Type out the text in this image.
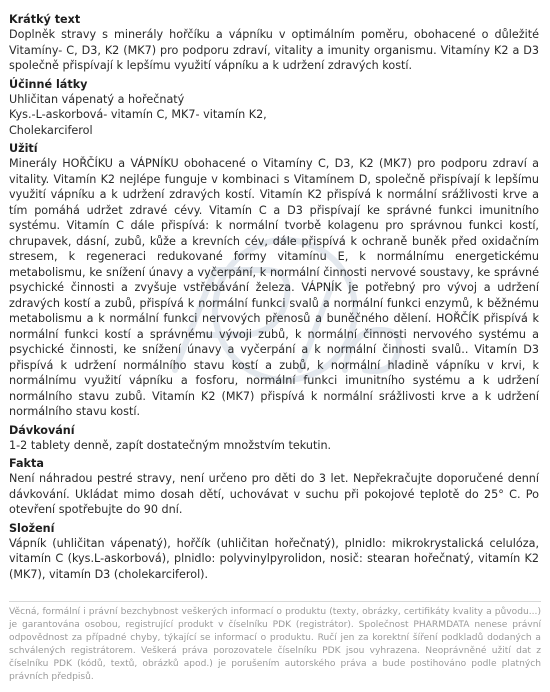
Krátký text

Doplněk stravy s minerály hořčíku a vápníku v optimálním poměru, obohacené o důležité Vitamíny- C, D3, K2 (MK7) pro podporu zdraví, vitality a imunity organismu. Vitamíny K2 a D3 společně přispívají k lepšímu využití vápníku a k udržení zdravých kostí.

Účinné látky

Uhličitan vápenatý a hořečnatý

Kys.-L-askorbová- vitamín C, MK7- vitamín K2,

Cholekarciferol

Užití

Minerály HOŘČÍKU a VÁPNÍKU obohacené o Vitamíny C, D3, K2 (MK7) pro podporu zdraví a vitality. Vitamín K2 nejlépe funguje v kombinaci s Vitamínem D, společně přispívají k lepšímu využití vápníku a k udržení zdravých kostí. Vitamín K2 přispívá k normální srážlivosti krve a tím pomáhá udržet zdravé cévy. Vitamín C a D3 přispívají ke správné funkci imunitního systému. Vitamín C dále přispívá: k normální tvorbě kolagenu pro správnou funkci kostí, chrupavek, dásní, zubů, kůže a krevních cév, dále přispívá k ochraně buněk před oxidačním stresem, k regeneraci redukované formy vitamínu E, k normálnímu energetickému metabolismu, ke snížení únavy a vyčerpání, k normální činnosti nervové soustavy, ke správné psychické činnosti a zvyšuje vstřebávání železa. VÁPNÍK je potřebný pro vývoj a udržení zdravých kostí a zubů, přispívá k normální funkci svalů a normální funkci enzymů, k běžnému metabolismu a k normální funkci nervových přenosů a buněčného dělení. HOŘČÍK přispívá k normální funkci kostí a správnému vývoji zubů, k normální činnosti nervového systému a psychické činnosti, ke snížení únavy a vyčerpání a k normální činnosti svalů.. Vitamín D3 přispívá k udržení normálního stavu kostí a zubů, k normální hladině vápníku v krvi, k normálnímu využití vápníku a fosforu, normální funkci imunitního systému a k udržení normálního stavu zubů. Vitamín K2 (MK7) přispívá k normální srážlivosti krve a k udržení normálního stavu kostí.

Dávkování

1-2 tablety denně, zapít dostatečným množstvím tekutin.

Fakta

Není náhradou pestré stravy, není určeno pro děti do 3 let. Nepřekračujte doporučené denní dávkování. Ukládat mimo dosah dětí, uchovávat v suchu při pokojové teplotě do 25° C. Po otevření spotřebujte do 90 dní.

Složení

Vápník (uhličitan vápenatý), hořčík (uhličitan hořečnatý), plnidlo: mikrokrystalická celulóza, vitamín C (kys.L-askorbová), plnidlo: polyvinylpyrolidon, nosič: stearan hořečnatý, vitamín K2 (MK7), vitamín D3 (cholekarciferol).

Věcná, formální i právní bezchybnost veškerých informací o produktu (texty, obrázky, certifikáty kvality a původu...) je garantována osobou, registrující produkt v číselníku PDK (registrátor). Společnost PHARMDATA nenese právní odpovědnost za případné chyby, týkající se informací o produktu. Ručí jen za korektní šíření podkladů dodaných a schválených registrátorem. Veškerá práva porozovatele číselníku PDK jsou vyhrazena. Neoprávněné užití dat z číselníku PDK (kódů, textů, obrázků apod.) je porušením autorského práva a bude postihováno podle platných právních předpisů.
